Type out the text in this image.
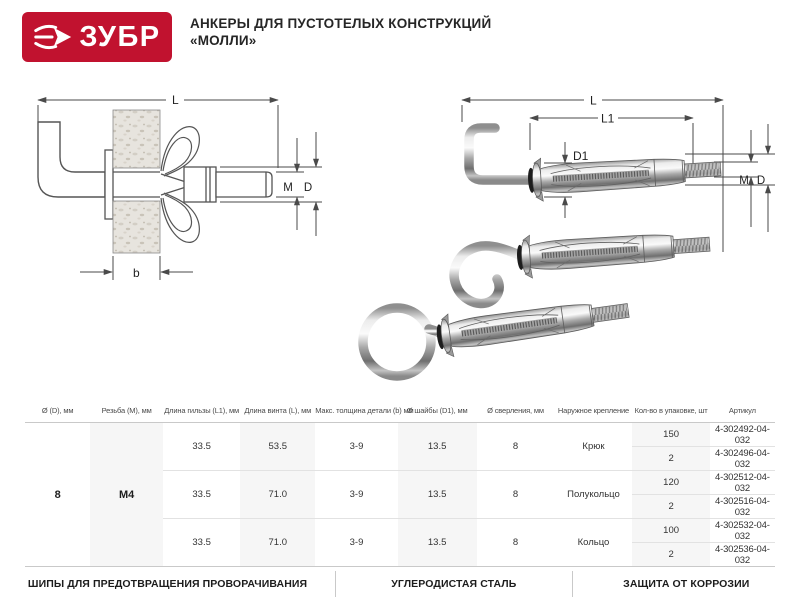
ЗУБР АНКЕРЫ ДЛЯ ПУСТОТЕЛЫХ КОНСТРУКЦИЙ
«МОЛЛИ»
L
M D
b
L
L1
D1
M D
Ø (D), мм	Резьба (М), мм	Длина гильзы (L1), мм	Длина винта (L), мм	Макс. толщина детали (b) мм	Ø шайбы (D1), мм	Ø сверления, мм	Наружное крепление	Кол-во в упаковке, шт	Артикул
8	М4	33.5	53.5	3-9	13.5	8	Крюк	150	4-302492-04-032
								2	4-302496-04-032
		33.5	71.0	3-9	13.5	8	Полукольцо	120	4-302512-04-032
								2	4-302516-04-032
		33.5	71.0	3-9	13.5	8	Кольцо	100	4-302532-04-032
								2	4-302536-04-032
ШИПЫ ДЛЯ ПРЕДОТВРАЩЕНИЯ ПРОВОРАЧИВАНИЯ	УГЛЕРОДИСТАЯ СТАЛЬ	ЗАЩИТА ОТ КОРРОЗИИ
